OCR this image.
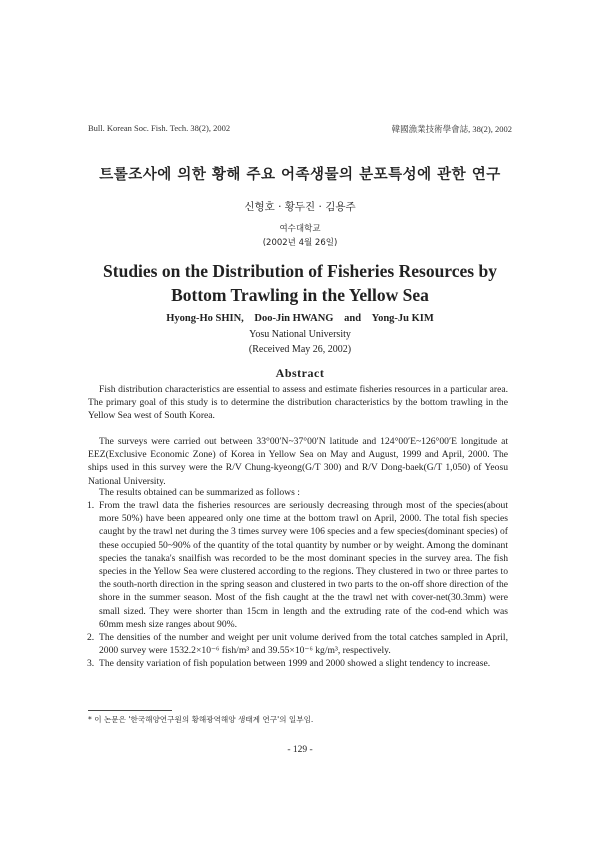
Bull. Korean Soc. Fish. Tech. 38(2), 2002	韓國漁業技術學會誌, 38(2), 2002
트롤조사에 의한 황해 주요 어족생물의 분포특성에 관한 연구
신형호 · 황두진 · 김용주
여수대학교
(2002년 4월 26일)
Studies on the Distribution of Fisheries Resources by
Bottom Trawling in the Yellow Sea
Hyong-Ho SHIN, Doo-Jin HWANG and Yong-Ju KIM
Yosu National University
(Received May 26, 2002)
Abstract

Fish distribution characteristics are essential to assess and estimate fisheries resources in a particular area. The primary goal of this study is to determine the distribution characteristics by the bottom trawling in the Yellow Sea west of South Korea.

The surveys were carried out between 33°00′N~37°00′N latitude and 124°00′E~126°00′E longitude at EEZ(Exclusive Economic Zone) of Korea in Yellow Sea on May and August, 1999 and April, 2000. The ships used in this survey were the R/V Chung-kyeong(G/T 300) and R/V Dong-baek(G/T 1,050) of Yeosu National University.

The results obtained can be summarized as follows :

1. From the trawl data the fisheries resources are seriously decreasing through most of the species(about more 50%) have been appeared only one time at the bottom trawl on April, 2000. The total fish species caught by the trawl net during the 3 times survey were 106 species and a few species(dominant species) of these occupied 50~90% of the quantity of the total quantity by number or by weight. Among the dominant species the tanaka's snailfish was recorded to be the most dominant species in the survey area. The fish species in the Yellow Sea were clustered according to the regions. They clustered in two or three partes to the south-north direction in the spring season and clustered in two parts to the on-off shore direction of the shore in the summer season. Most of the fish caught at the the trawl net with cover-net(30.3mm) were small sized. They were shorter than 15cm in length and the extruding rate of the cod-end which was 60mm mesh size ranges about 90%.
2. The densities of the number and weight per unit volume derived from the total catches sampled in April, 2000 survey were 1532.2×10⁻⁶ fish/m³ and 39.55×10⁻⁶ kg/m³, respectively.
3. The density variation of fish population between 1999 and 2000 showed a slight tendency to increase.
* 이 논문은 '한국해양연구원의 황해광역해양 생태계 연구'의 일부임.
- 129 -
